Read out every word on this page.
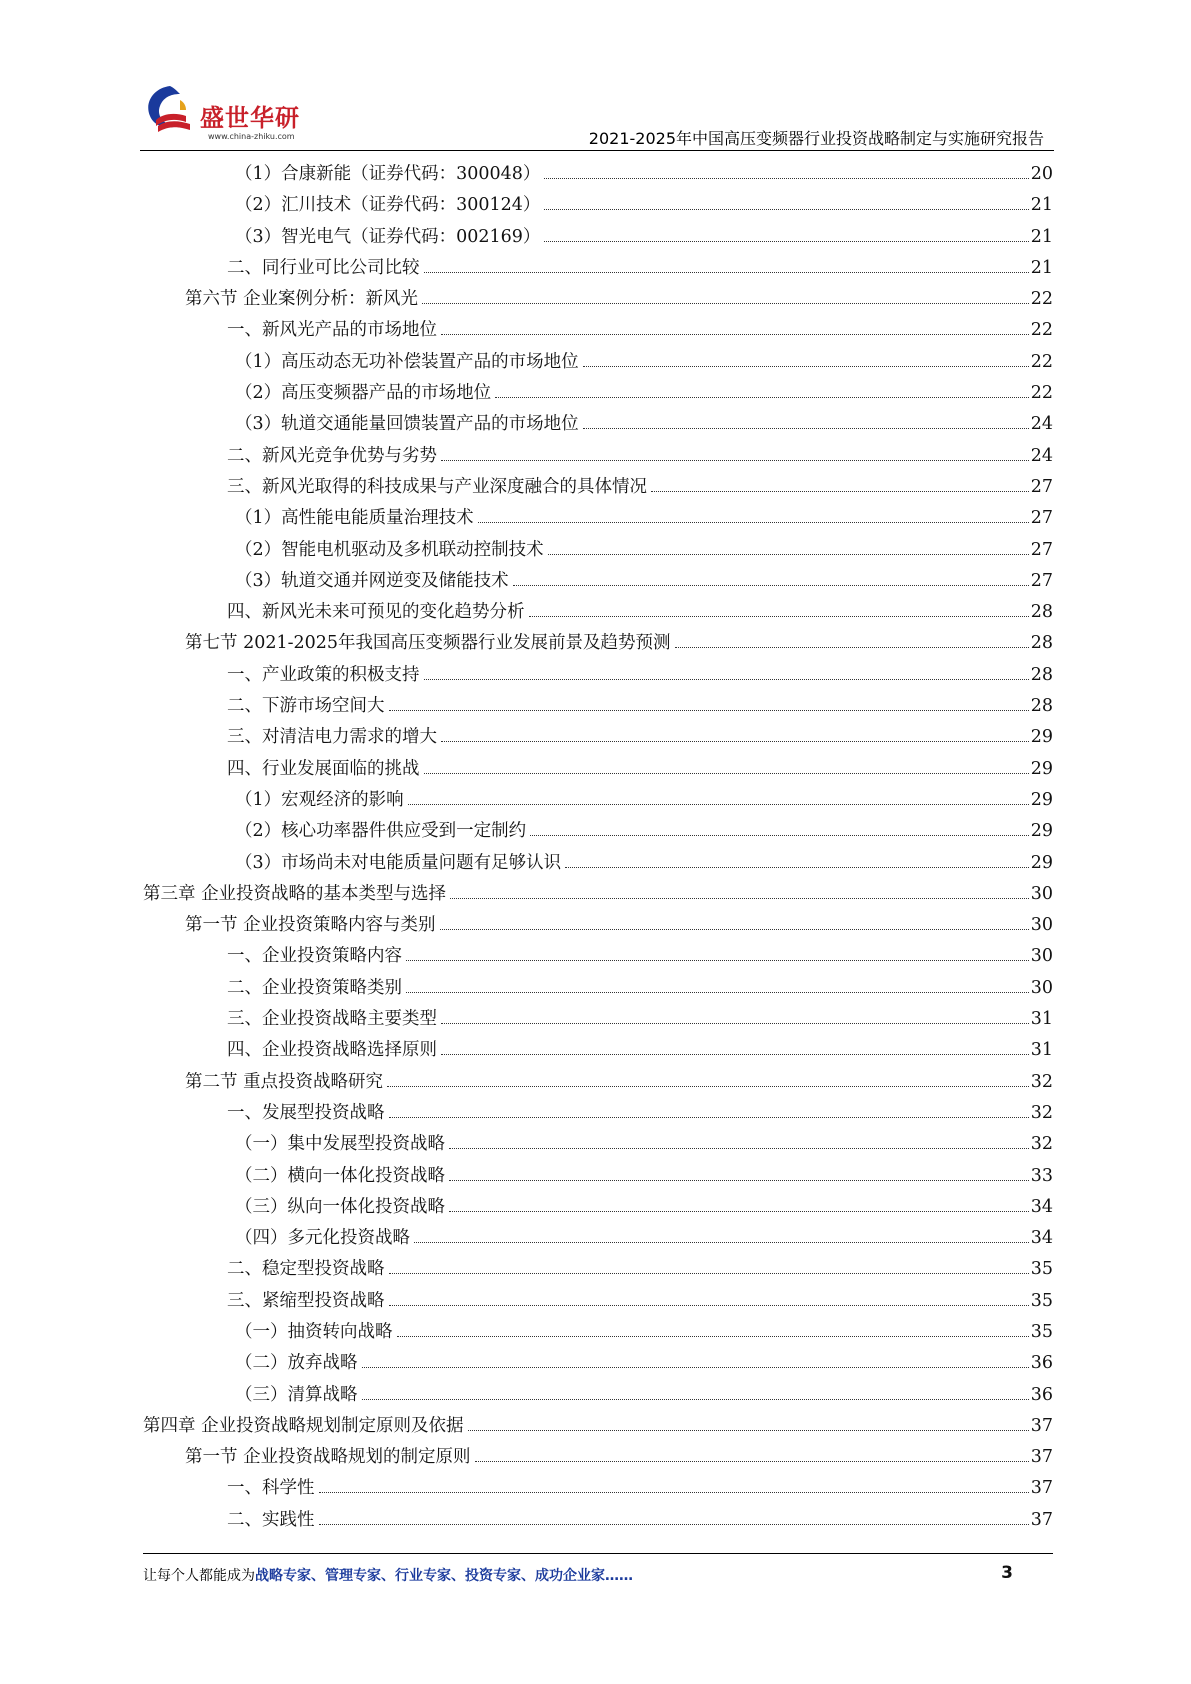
盛世华研
www.china-zhiku.com	2021-2025年中国高压变频器行业投资战略制定与实施研究报告
（1）合康新能（证券代码：300048）	20
（2）汇川技术（证券代码：300124）	21
（3）智光电气（证券代码：002169）	21
二、同行业可比公司比较	21
第六节 企业案例分析：新风光	22
一、新风光产品的市场地位	22
（1）高压动态无功补偿装置产品的市场地位	22
（2）高压变频器产品的市场地位	22
（3）轨道交通能量回馈装置产品的市场地位	24
二、新风光竞争优势与劣势	24
三、新风光取得的科技成果与产业深度融合的具体情况	27
（1）高性能电能质量治理技术	27
（2）智能电机驱动及多机联动控制技术	27
（3）轨道交通并网逆变及储能技术	27
四、新风光未来可预见的变化趋势分析	28
第七节 2021-2025年我国高压变频器行业发展前景及趋势预测	28
一、产业政策的积极支持	28
二、下游市场空间大	28
三、对清洁电力需求的增大	29
四、行业发展面临的挑战	29
（1）宏观经济的影响	29
（2）核心功率器件供应受到一定制约	29
（3）市场尚未对电能质量问题有足够认识	29
第三章 企业投资战略的基本类型与选择	30
第一节 企业投资策略内容与类别	30
一、企业投资策略内容	30
二、企业投资策略类别	30
三、企业投资战略主要类型	31
四、企业投资战略选择原则	31
第二节 重点投资战略研究	32
一、发展型投资战略	32
（一）集中发展型投资战略	32
（二）横向一体化投资战略	33
（三）纵向一体化投资战略	34
（四）多元化投资战略	34
二、稳定型投资战略	35
三、紧缩型投资战略	35
（一）抽资转向战略	35
（二）放弃战略	36
（三）清算战略	36
第四章 企业投资战略规划制定原则及依据	37
第一节 企业投资战略规划的制定原则	37
一、科学性	37
二、实践性	37
让每个人都能成为战略专家、管理专家、行业专家、投资专家、成功企业家……	3
